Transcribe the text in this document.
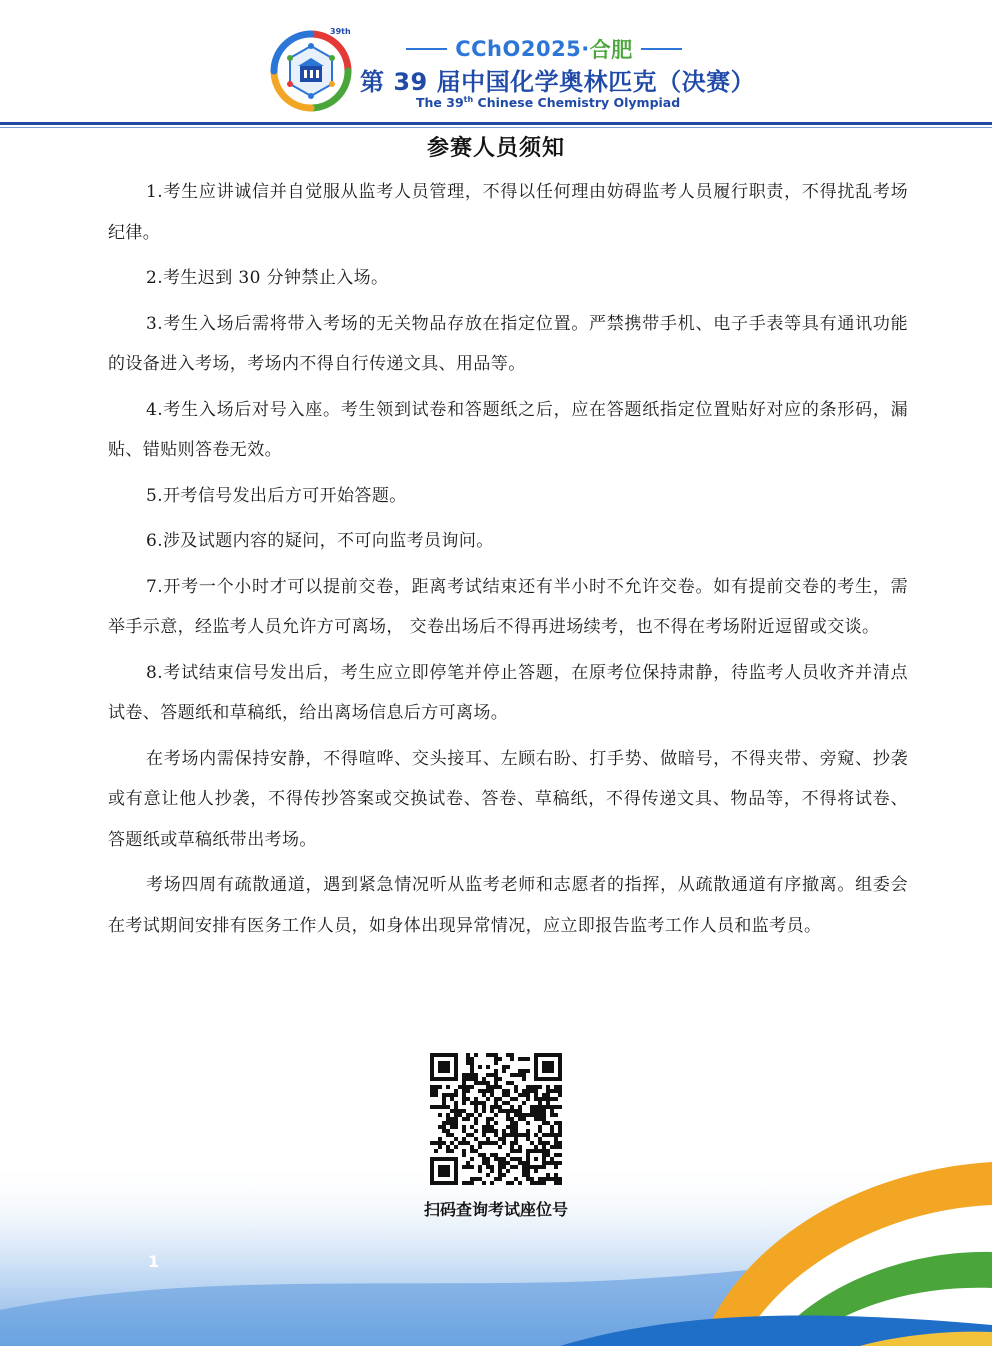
39th
CChO2025 · 合肥
第 39 届中国化学奥林匹克（决赛）
The 39th Chinese Chemistry Olympiad
参赛人员须知

1.考生应讲诚信并自觉服从监考人员管理，不得以任何理由妨碍监考人员履行职责，不得扰乱考场纪律。

2.考生迟到 30 分钟禁止入场。

3.考生入场后需将带入考场的无关物品存放在指定位置。严禁携带手机、电子手表等具有通讯功能的设备进入考场，考场内不得自行传递文具、用品等。

4.考生入场后对号入座。考生领到试卷和答题纸之后，应在答题纸指定位置贴好对应的条形码，漏贴、错贴则答卷无效。

5.开考信号发出后方可开始答题。

6.涉及试题内容的疑问，不可向监考员询问。

7.开考一个小时才可以提前交卷，距离考试结束还有半小时不允许交卷。如有提前交卷的考生，需举手示意，经监考人员允许方可离场， 交卷出场后不得再进场续考，也不得在考场附近逗留或交谈。

8.考试结束信号发出后，考生应立即停笔并停止答题，在原考位保持肃静，待监考人员收齐并清点试卷、答题纸和草稿纸，给出离场信息后方可离场。

在考场内需保持安静，不得喧哗、交头接耳、左顾右盼、打手势、做暗号，不得夹带、旁窥、抄袭或有意让他人抄袭，不得传抄答案或交换试卷、答卷、草稿纸，不得传递文具、物品等，不得将试卷、答题纸或草稿纸带出考场。

考场四周有疏散通道，遇到紧急情况听从监考老师和志愿者的指挥，从疏散通道有序撤离。组委会在考试期间安排有医务工作人员，如身体出现异常情况，应立即报告监考工作人员和监考员。

扫码查询考试座位号
1
